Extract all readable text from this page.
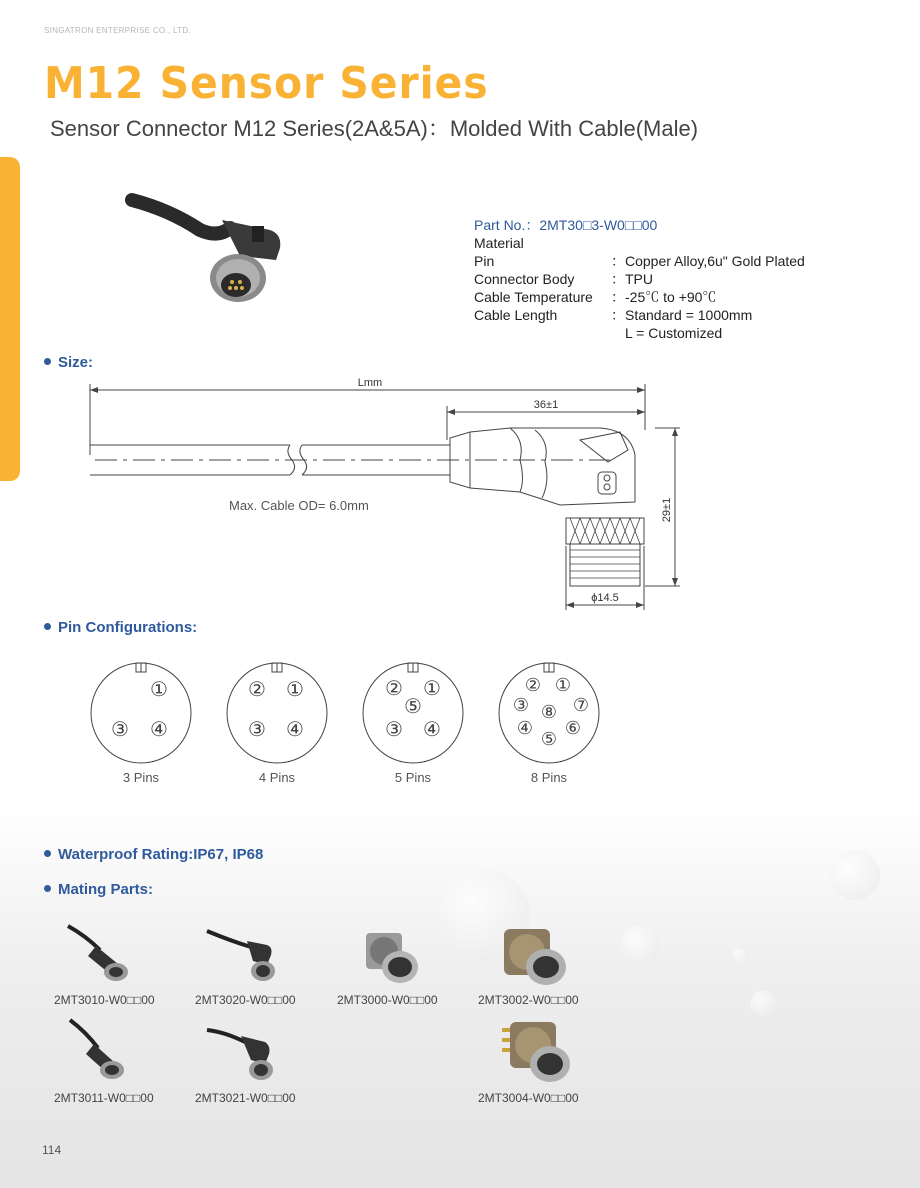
SINGATRON ENTERPRISE CO., LTD.
M12 Sensor Series
Sensor Connector M12 Series(2A&5A)：Molded With Cable(Male)
Part No.：2MT30□3-W0□□00
Material
Pin	：Copper Alloy,6u" Gold Plated
Connector Body	：TPU
Cable Temperature	：-25℃ to +90℃
Cable Length	：Standard = 1000mm
L = Customized
Size:
Lmm
36±1
29±1
ϕ14.5
Max. Cable OD= 6.0mm
Pin Configurations:
①
③ ④
② ①
③ ④
② ①
⑤
③ ④
② ①
③ ⑧ ⑦
④ ⑥
⑤
3 Pins	4 Pins	5 Pins	8 Pins
Waterproof Rating:IP67, IP68
Mating Parts:
2MT3010-W0□□00	2MT3020-W0□□00	2MT3000-W0□□00	2MT3002-W0□□00
2MT3011-W0□□00	2MT3021-W0□□00	2MT3004-W0□□00
114
